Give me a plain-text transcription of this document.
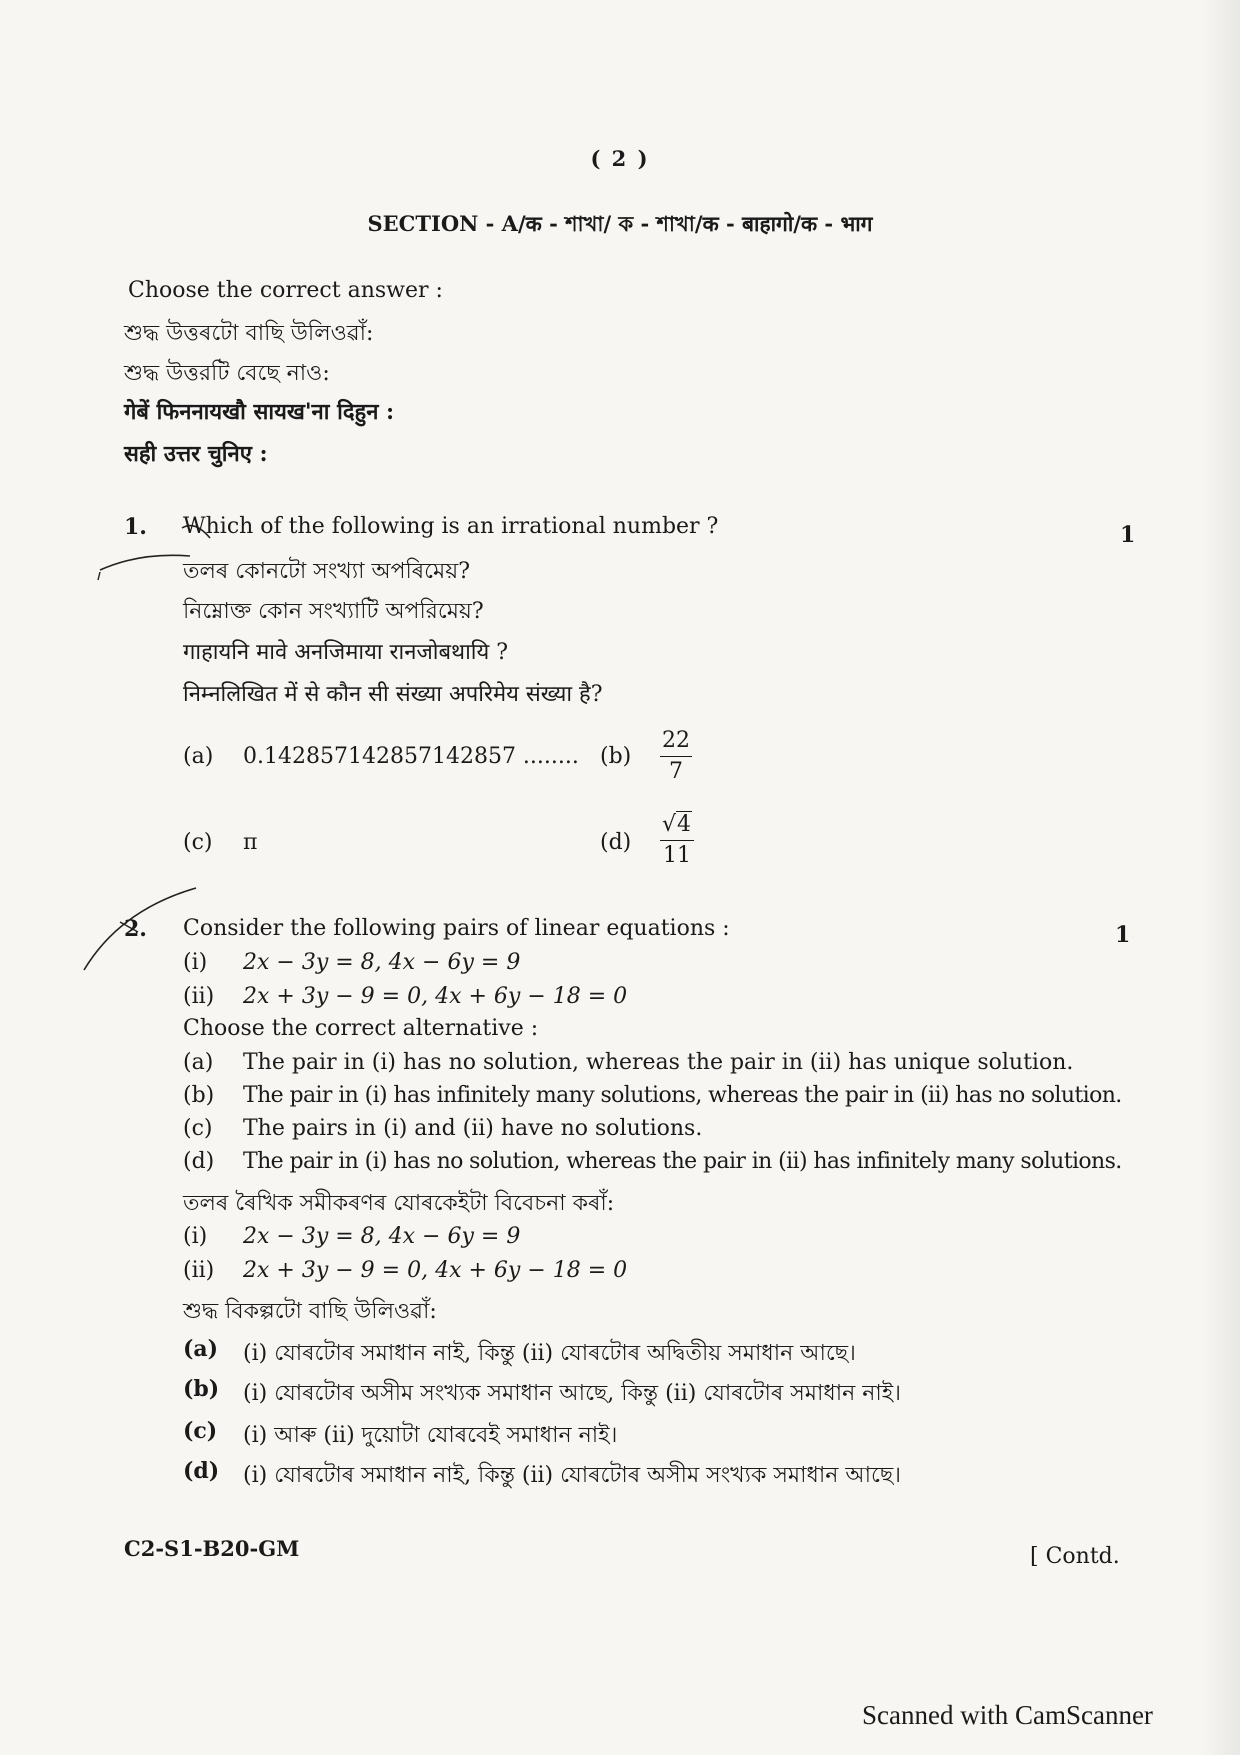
( 2 )
SECTION - A/क - শাখা/ ক - শাখা/क - बाहागो/क - भाग
Choose the correct answer :
শুদ্ধ উত্তৰটো বাছি উলিওৱাঁ:
শুদ্ধ উত্তরটি বেছে নাও:
गेबें फिननायखौ सायख'ना दिहुन :
सही उत्तर चुनिए :
1.	1
Which of the following is an irrational number ?
তলৰ কোনটো সংখ্যা অপৰিমেয়?
নিম্নোক্ত কোন সংখ্যাটি অপরিমেয়?
गाहायनि मावे अनजिमाया रानजोबथायि ?
निम्नलिखित में से कौन सी संख्या अपरिमेय संख्या है?
(a) 0.142857142857142857 ........ $(b) \frac{22}{7}$
(c) π	$(d) \frac{√4}{11}$
2.	1
Consider the following pairs of linear equations :
(i) 2x − 3y = 8, 4x − 6y = 9
(ii) 2x + 3y − 9 = 0, 4x + 6y − 18 = 0
Choose the correct alternative :
(a) The pair in (i) has no solution, whereas the pair in (ii) has unique solution.
(b) The pair in (i) has infinitely many solutions, whereas the pair in (ii) has no solution.
(c) The pairs in (i) and (ii) have no solutions.
(d) The pair in (i) has no solution, whereas the pair in (ii) has infinitely many solutions.
তলৰ ৰৈখিক সমীকৰণৰ যোৰকেইটা বিবেচনা কৰাঁ:
(i) 2x − 3y = 8, 4x − 6y = 9
(ii) 2x + 3y − 9 = 0, 4x + 6y − 18 = 0
শুদ্ধ বিকল্পটো বাছি উলিওৱাঁ:
(a) (i) যোৰটোৰ সমাধান নাই, কিন্তু (ii) যোৰটোৰ অদ্বিতীয় সমাধান আছে।
(b) (i) যোৰটোৰ অসীম সংখ্যক সমাধান আছে, কিন্তু (ii) যোৰটোৰ সমাধান নাই।
(c) (i) আৰু (ii) দুয়োটা যোৰবেই সমাধান নাই।
(d) (i) যোৰটোৰ সমাধান নাই, কিন্তু (ii) যোৰটোৰ অসীম সংখ্যক সমাধান আছে।
C2-S1-B20-GM	[ Contd.
Scanned with CamScanner
